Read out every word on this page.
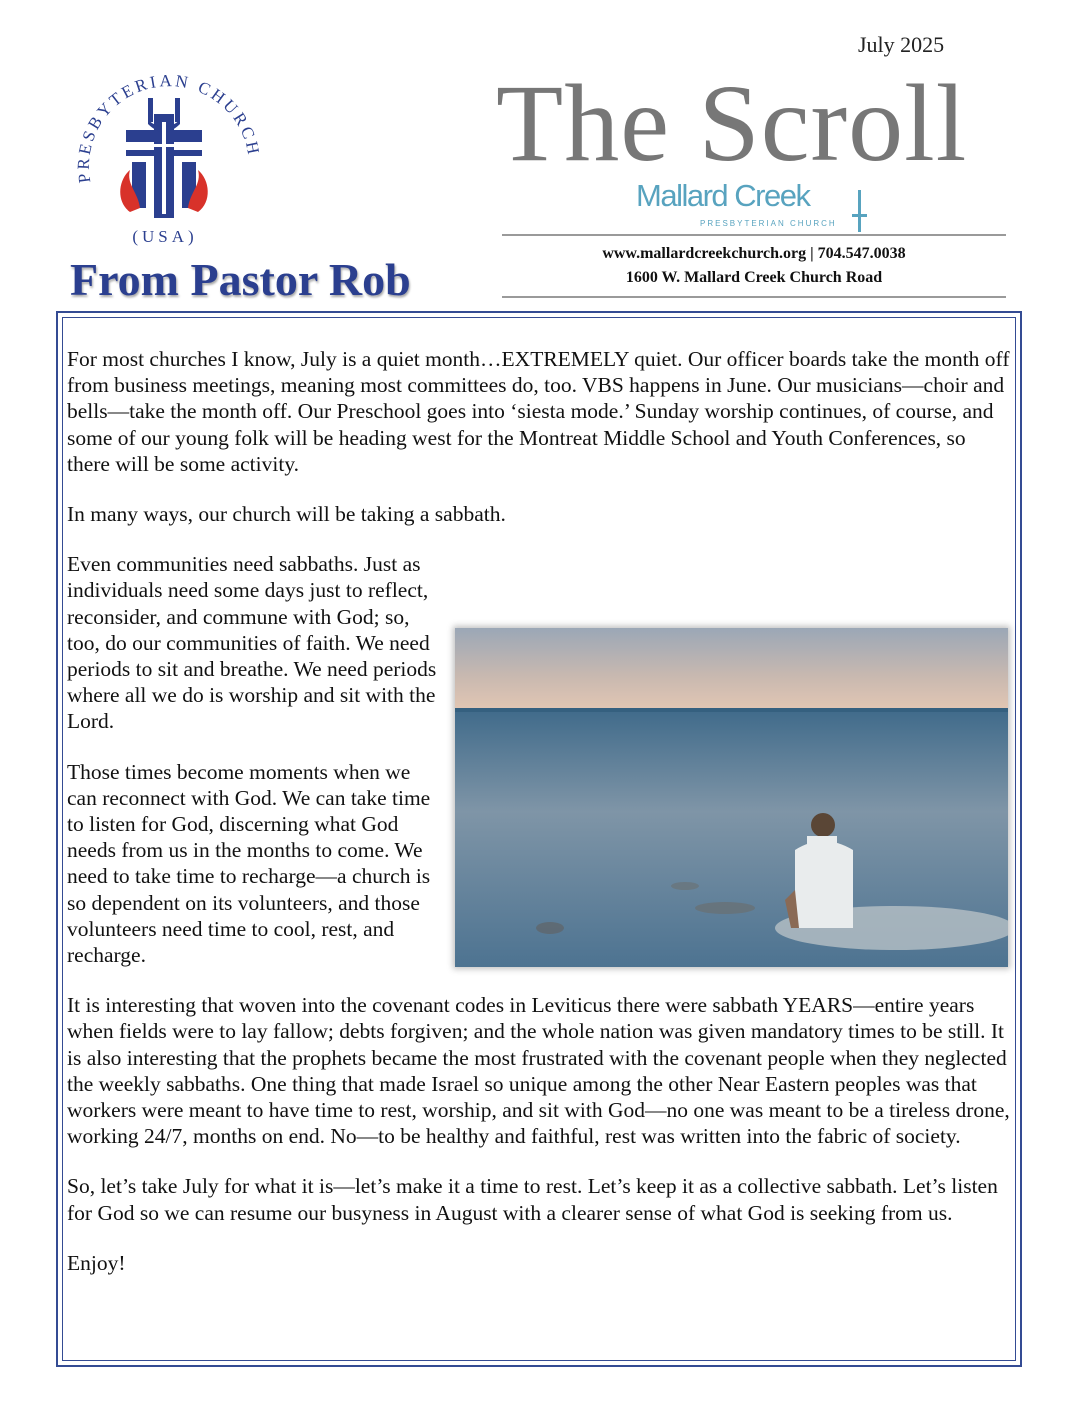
PRESBYTERIAN CHURCH
(USA)
July 2025
The Scroll
Mallard Creek
PRESBYTERIAN CHURCH
www.mallardcreekchurch.org | 704.547.0038
1600 W. Mallard Creek Church Road
From Pastor Rob

For most churches I know, July is a quiet month…EXTREMELY quiet. Our officer boards take the month off from business meetings, meaning most committees do, too. VBS happens in June. Our musicians—choir and bells—take the month off. Our Preschool goes into ‘siesta mode.’ Sunday worship continues, of course, and some of our young folk will be heading west for the Montreat Middle School and Youth Conferences, so there will be some activity.

In many ways, our church will be taking a sabbath.

Even communities need sabbaths. Just as individuals need some days just to reflect, reconsider, and commune with God; so, too, do our communities of faith. We need periods to sit and breathe. We need periods where all we do is worship and sit with the Lord.

Those times become moments when we can reconnect with God. We can take time to listen for God, discerning what God needs from us in the months to come. We need to take time to recharge—a church is so dependent on its volunteers, and those volunteers need time to cool, rest, and recharge.

It is interesting that woven into the covenant codes in Leviticus there were sabbath YEARS—entire years when fields were to lay fallow; debts forgiven; and the whole nation was given mandatory times to be still. It is also interesting that the prophets became the most frustrated with the covenant people when they neglected the weekly sabbaths. One thing that made Israel so unique among the other Near Eastern peoples was that workers were meant to have time to rest, worship, and sit with God—no one was meant to be a tireless drone, working 24/7, months on end. No—to be healthy and faithful, rest was written into the fabric of society.

So, let’s take July for what it is—let’s make it a time to rest. Let’s keep it as a collective sabbath. Let’s listen for God so we can resume our busyness in August with a clearer sense of what God is seeking from us.

Enjoy!
